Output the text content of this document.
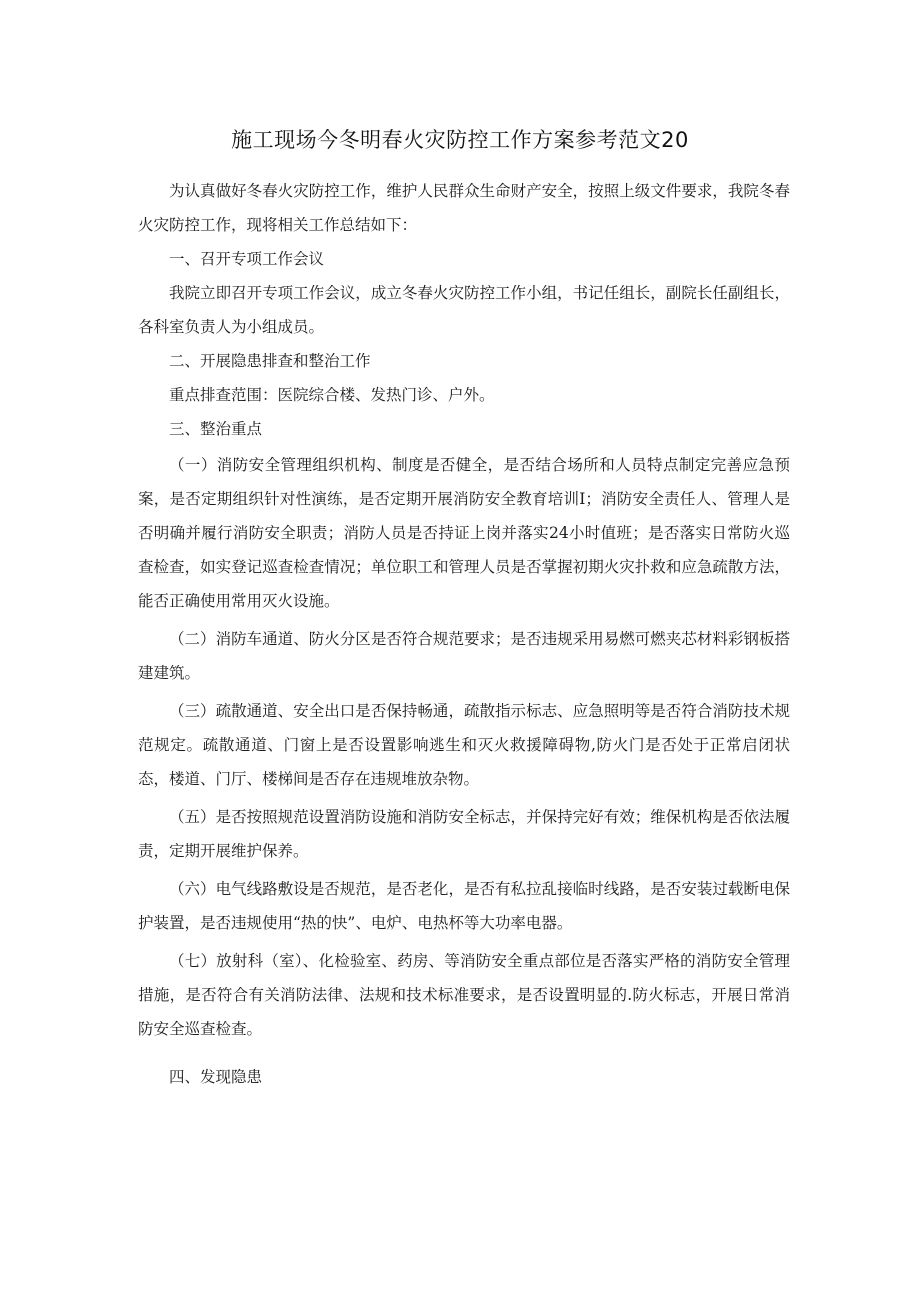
施工现场今冬明春火灾防控工作方案参考范文20

为认真做好冬春火灾防控工作，维护人民群众生命财产安全，按照上级文件要求，我院冬春火灾防控工作，现将相关工作总结如下：

一、召开专项工作会议

我院立即召开专项工作会议，成立冬春火灾防控工作小组，书记任组长，副院长任副组长，各科室负责人为小组成员。

二、开展隐患排查和整治工作

重点排查范围：医院综合楼、发热门诊、户外。

三、整治重点

（一）消防安全管理组织机构、制度是否健全，是否结合场所和人员特点制定完善应急预案，是否定期组织针对性演练，是否定期开展消防安全教育培训I；消防安全责任人、管理人是否明确并履行消防安全职责；消防人员是否持证上岗并落实24小时值班；是否落实日常防火巡查检查，如实登记巡查检查情况；单位职工和管理人员是否掌握初期火灾扑救和应急疏散方法，能否正确使用常用灭火设施。

（二）消防车通道、防火分区是否符合规范要求；是否违规采用易燃可燃夹芯材料彩钢板搭建建筑。

（三）疏散通道、安全出口是否保持畅通，疏散指示标志、应急照明等是否符合消防技术规范规定。疏散通道、门窗上是否设置影响逃生和灭火救援障碍物,防火门是否处于正常启闭状态，楼道、门厅、楼梯间是否存在违规堆放杂物。

（五）是否按照规范设置消防设施和消防安全标志，并保持完好有效；维保机构是否依法履责，定期开展维护保养。

（六）电气线路敷设是否规范，是否老化，是否有私拉乱接临时线路，是否安装过载断电保护装置，是否违规使用“热的快”、电炉、电热杯等大功率电器。

（七）放射科（室）、化检验室、药房、等消防安全重点部位是否落实严格的消防安全管理措施，是否符合有关消防法律、法规和技术标准要求，是否设置明显的.防火标志，开展日常消防安全巡查检查。

四、发现隐患
